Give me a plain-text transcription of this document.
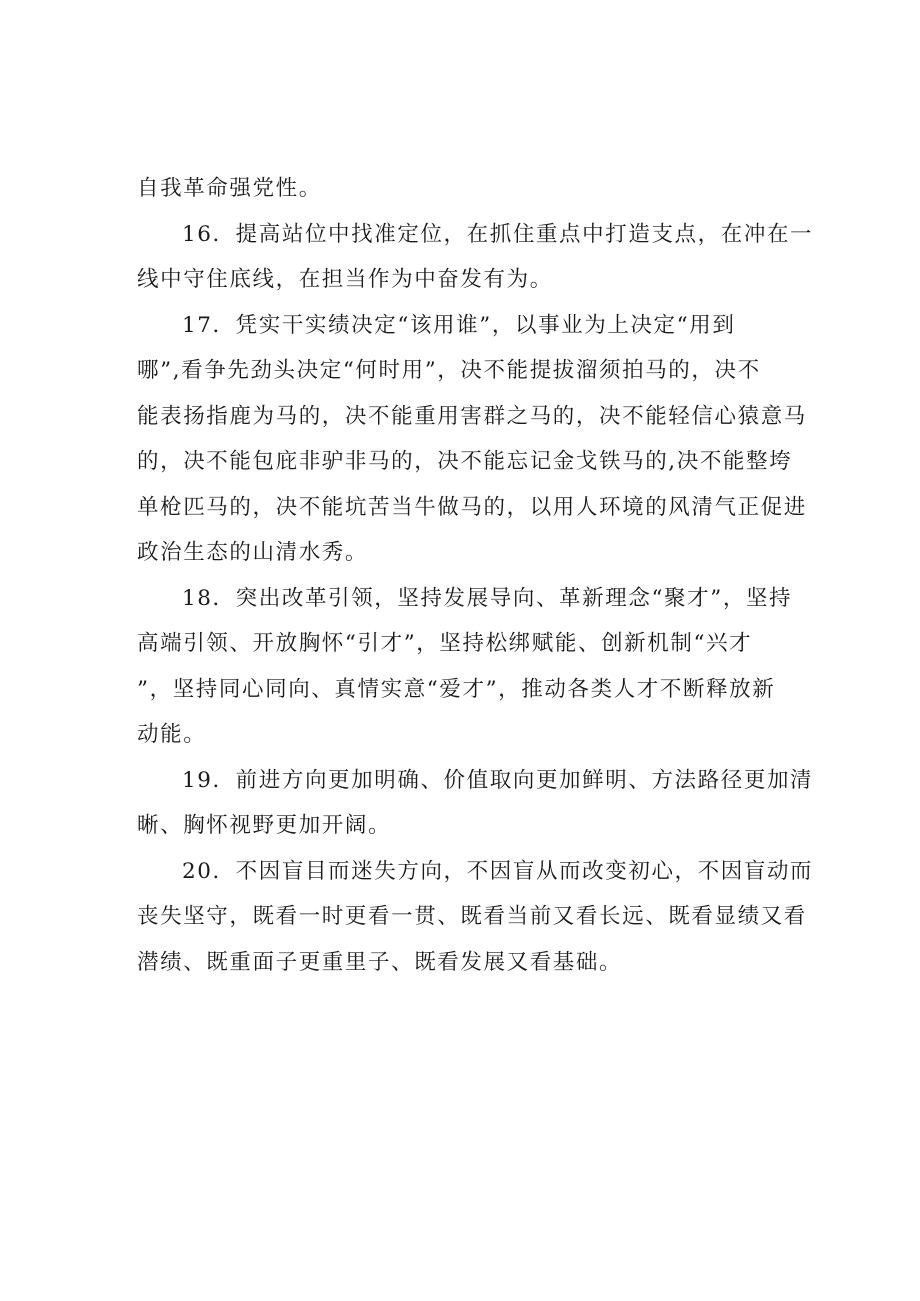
自我革命强党性。

16．提高站位中找准定位，在抓住重点中打造支点，在冲在一
线中守住底线，在担当作为中奋发有为。

17．凭实干实绩决定“该用谁”，以事业为上决定“用到
哪”,看争先劲头决定“何时用”，决不能提拔溜须拍马的，决不
能表扬指鹿为马的，决不能重用害群之马的，决不能轻信心猿意马
的，决不能包庇非驴非马的，决不能忘记金戈铁马的,决不能整垮
单枪匹马的，决不能坑苦当牛做马的，以用人环境的风清气正促进
政治生态的山清水秀。

18．突出改革引领，坚持发展导向、革新理念“聚才”，坚持
高端引领、开放胸怀“引才”，坚持松绑赋能、创新机制“兴才
”，坚持同心同向、真情实意“爱才”，推动各类人才不断释放新
动能。

19．前进方向更加明确、价值取向更加鲜明、方法路径更加清
晰、胸怀视野更加开阔。

20．不因盲目而迷失方向，不因盲从而改变初心，不因盲动而
丧失坚守，既看一时更看一贯、既看当前又看长远、既看显绩又看
潜绩、既重面子更重里子、既看发展又看基础。
